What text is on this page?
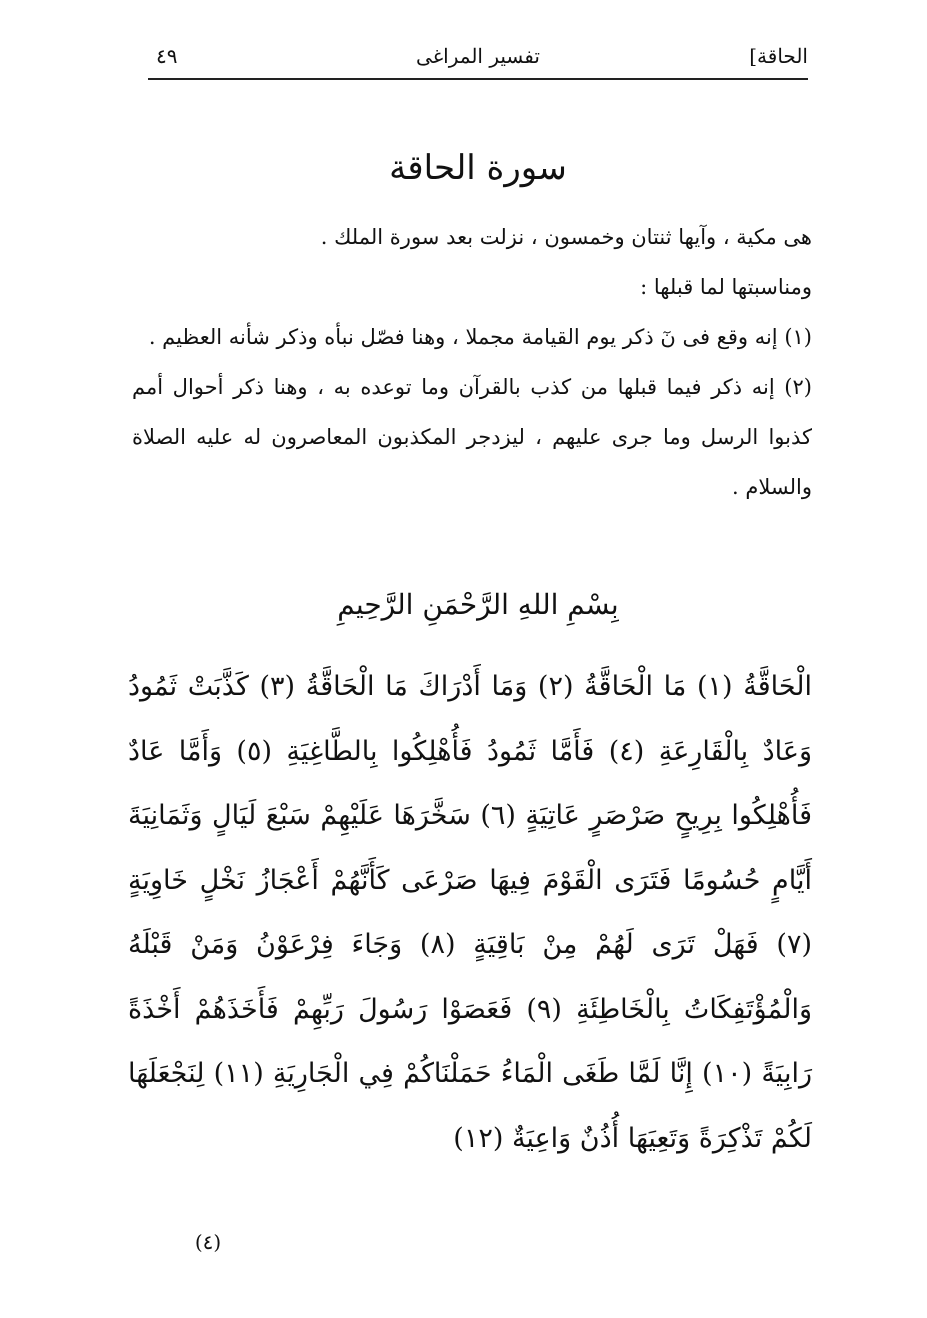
الحاقة]
تفسير المراغى
٤٩
سورة الحاقة

هى مكية ، وآيها ثنتان وخمسون ، نزلت بعد سورة الملك .

ومناسبتها لما قبلها :

(١) إنه وقع فى نٓ ذكر يوم القيامة مجملا ، وهنا فصّل نبأه وذكر شأنه العظيم .

(٢) إنه ذكر فيما قبلها من كذب بالقرآن وما توعده به ، وهنا ذكر أحوال أمم كذبوا الرسل وما جرى عليهم ، ليزدجر المكذبون المعاصرون له عليه الصلاة والسلام .

بِسْمِ اللهِ الرَّحْمَنِ الرَّحِيمِ

الْحَاقَّةُ (١) مَا الْحَاقَّةُ (٢) وَمَا أَدْرَاكَ مَا الْحَاقَّةُ (٣) كَذَّبَتْ ثَمُودُ وَعَادٌ بِالْقَارِعَةِ (٤) فَأَمَّا ثَمُودُ فَأُهْلِكُوا بِالطَّاغِيَةِ (٥) وَأَمَّا عَادٌ فَأُهْلِكُوا بِرِيحٍ صَرْصَرٍ عَاتِيَةٍ (٦) سَخَّرَهَا عَلَيْهِمْ سَبْعَ لَيَالٍ وَثَمَانِيَةَ أَيَّامٍ حُسُومًا فَتَرَى الْقَوْمَ فِيهَا صَرْعَى كَأَنَّهُمْ أَعْجَازُ نَخْلٍ خَاوِيَةٍ (٧) فَهَلْ تَرَى لَهُمْ مِنْ بَاقِيَةٍ (٨) وَجَاءَ فِرْعَوْنُ وَمَنْ قَبْلَهُ وَالْمُؤْتَفِكَاتُ بِالْخَاطِئَةِ (٩) فَعَصَوْا رَسُولَ رَبِّهِمْ فَأَخَذَهُمْ أَخْذَةً رَابِيَةً (١٠) إِنَّا لَمَّا طَغَى الْمَاءُ حَمَلْنَاكُمْ فِي الْجَارِيَةِ (١١) لِنَجْعَلَهَا لَكُمْ تَذْكِرَةً وَتَعِيَهَا أُذُنٌ وَاعِيَةٌ (١٢)

(٤)
